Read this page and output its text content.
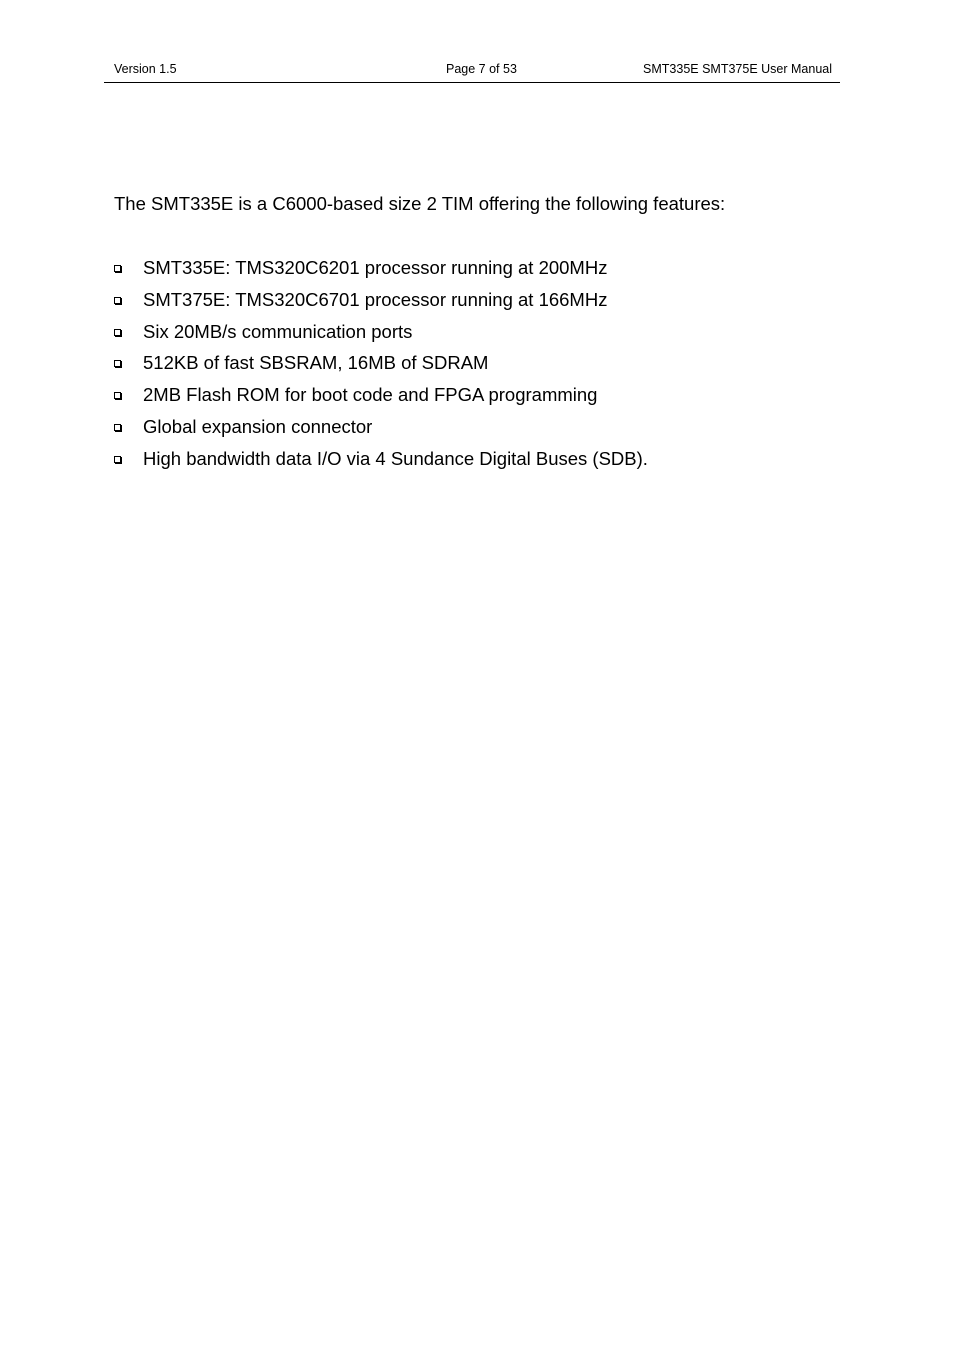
Version 1.5	Page 7 of 53	SMT335E SMT375E User Manual

The SMT335E is a C6000-based size 2 TIM offering the following features:

SMT335E: TMS320C6201 processor running at 200MHz
SMT375E: TMS320C6701 processor running at 166MHz
Six 20MB/s communication ports
512KB of fast SBSRAM, 16MB of SDRAM
2MB Flash ROM for boot code and FPGA programming
Global expansion connector
High bandwidth data I/O via 4 Sundance Digital Buses (SDB).
